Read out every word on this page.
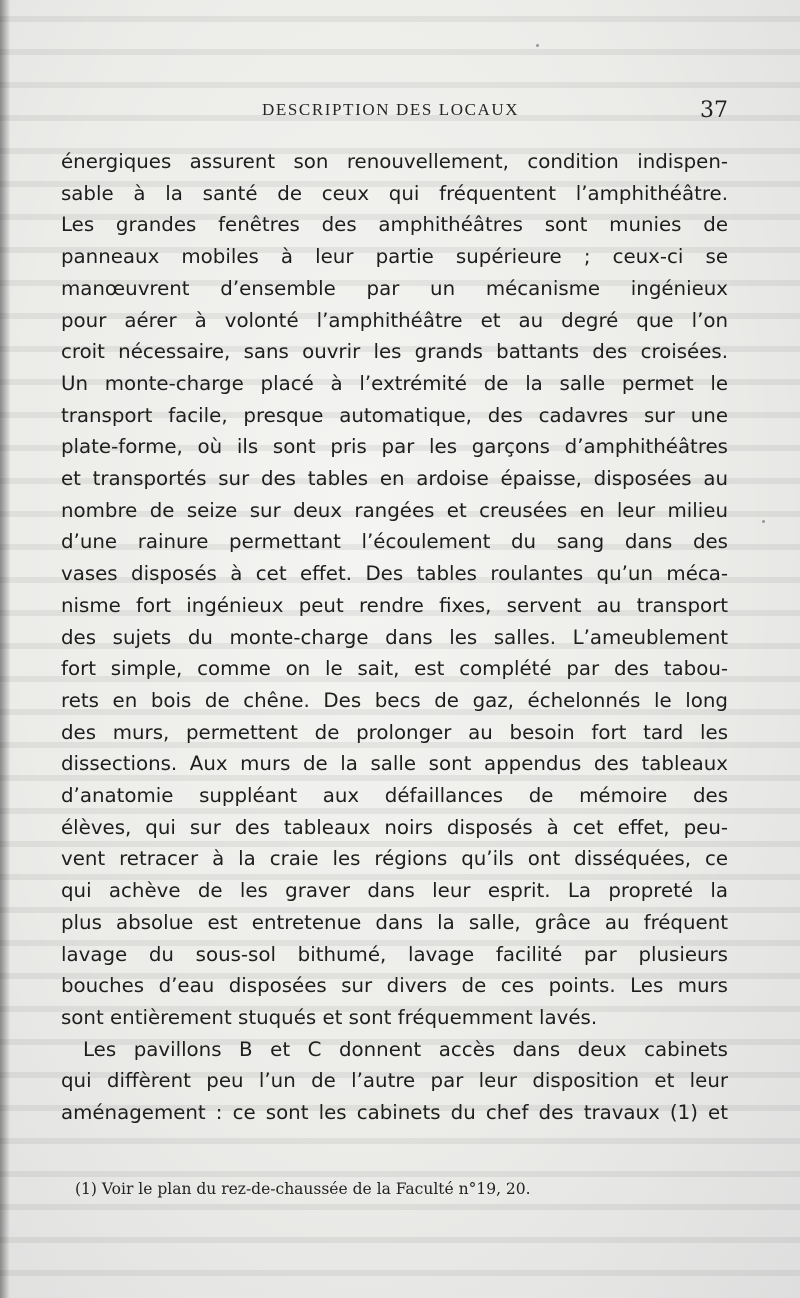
DESCRIPTION DES LOCAUX	37
énergiques assurent son renouvellement, condition indispen-
sable à la santé de ceux qui fréquentent l’amphithéâtre.
Les grandes fenêtres des amphithéâtres sont munies de
panneaux mobiles à leur partie supérieure ; ceux-ci se
manœuvrent d’ensemble par un mécanisme ingénieux
pour aérer à volonté l’amphithéâtre et au degré que l’on
croit nécessaire, sans ouvrir les grands battants des croisées.
Un monte-charge placé à l’extrémité de la salle permet le
transport facile, presque automatique, des cadavres sur une
plate-forme, où ils sont pris par les garçons d’amphithéâtres
et transportés sur des tables en ardoise épaisse, disposées au
nombre de seize sur deux rangées et creusées en leur milieu
d’une rainure permettant l’écoulement du sang dans des
vases disposés à cet effet. Des tables roulantes qu’un méca-
nisme fort ingénieux peut rendre fixes, servent au transport
des sujets du monte-charge dans les salles. L’ameublement
fort simple, comme on le sait, est complété par des tabou-
rets en bois de chêne. Des becs de gaz, échelonnés le long
des murs, permettent de prolonger au besoin fort tard les
dissections. Aux murs de la salle sont appendus des tableaux
d’anatomie suppléant aux défaillances de mémoire des
élèves, qui sur des tableaux noirs disposés à cet effet, peu-
vent retracer à la craie les régions qu’ils ont disséquées, ce
qui achève de les graver dans leur esprit. La propreté la
plus absolue est entretenue dans la salle, grâce au fréquent
lavage du sous-sol bithumé, lavage facilité par plusieurs
bouches d’eau disposées sur divers de ces points. Les murs
sont entièrement stuqués et sont fréquemment lavés.
Les pavillons B et C donnent accès dans deux cabinets
qui diffèrent peu l’un de l’autre par leur disposition et leur
aménagement : ce sont les cabinets du chef des travaux (1) et
(1) Voir le plan du rez-de-chaussée de la Faculté n°19, 20.
